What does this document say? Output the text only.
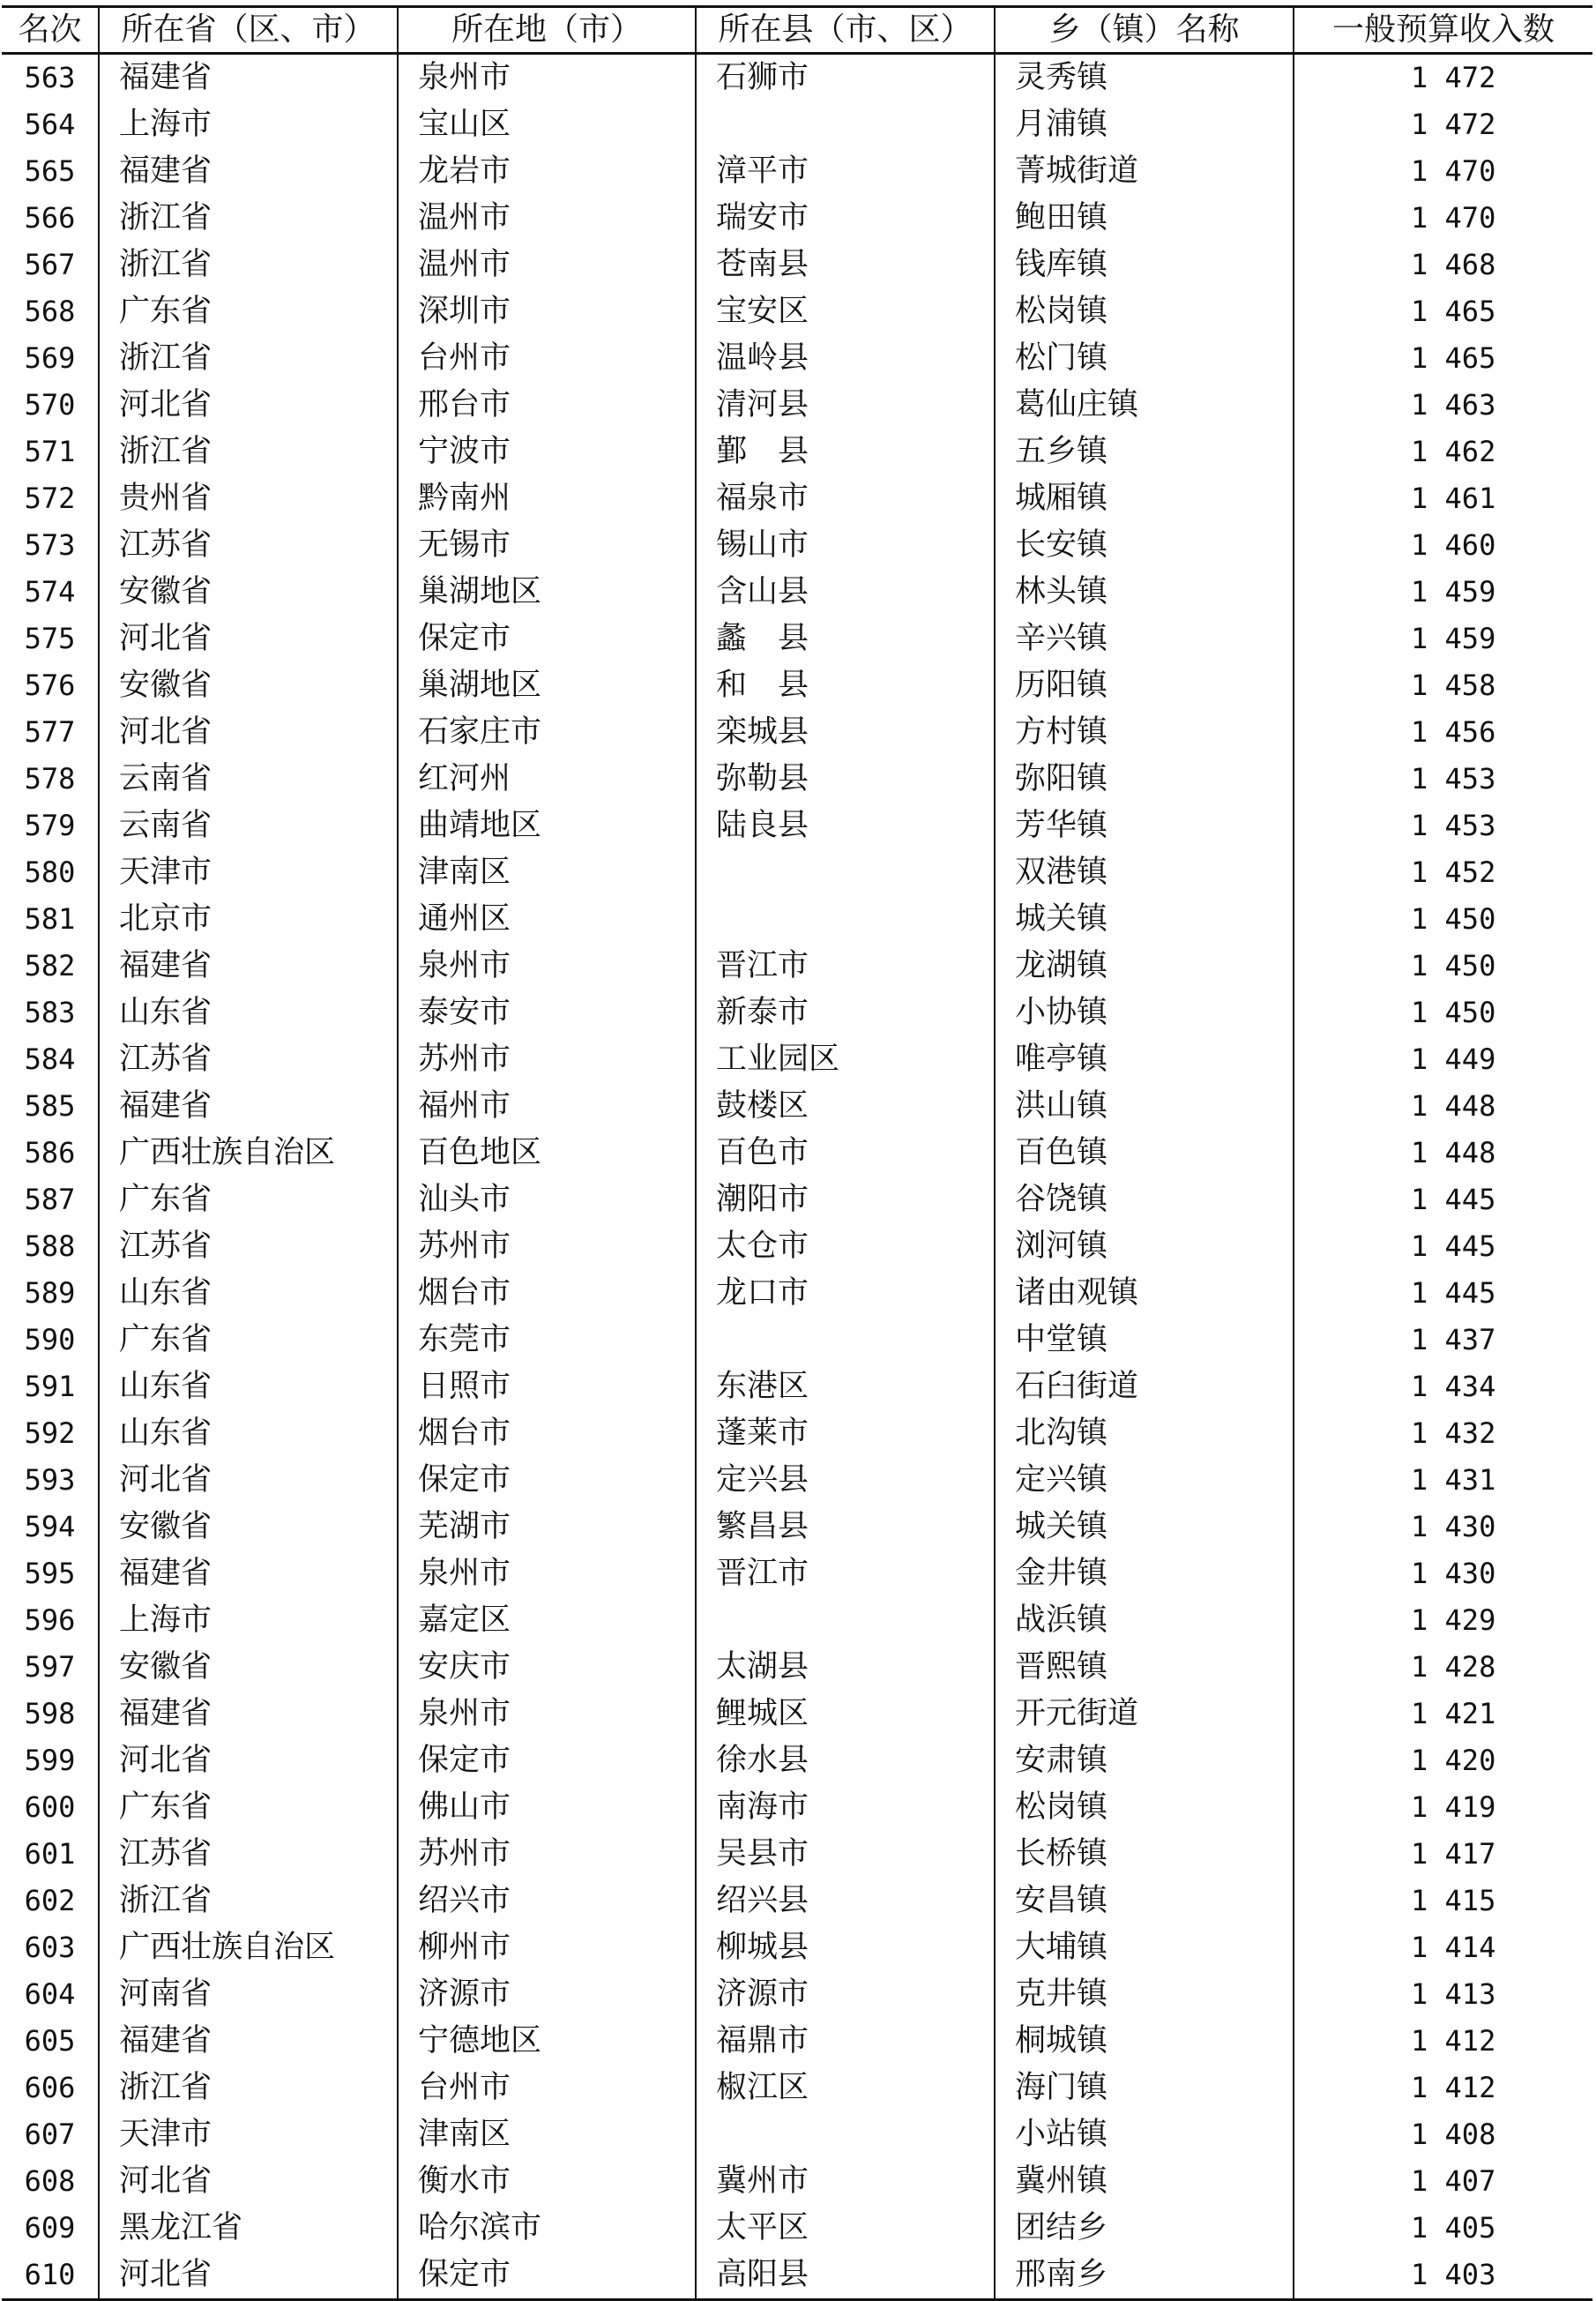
名次	所在省（区、市）	所在地（市）	所在县（市、区）	乡（镇）名称	一般预算收入数
563	福建省	泉州市	石狮市	灵秀镇	1 472
564	上海市	宝山区		月浦镇	1 472
565	福建省	龙岩市	漳平市	菁城街道	1 470
566	浙江省	温州市	瑞安市	鲍田镇	1 470
567	浙江省	温州市	苍南县	钱库镇	1 468
568	广东省	深圳市	宝安区	松岗镇	1 465
569	浙江省	台州市	温岭县	松门镇	1 465
570	河北省	邢台市	清河县	葛仙庄镇	1 463
571	浙江省	宁波市	鄞　县	五乡镇	1 462
572	贵州省	黔南州	福泉市	城厢镇	1 461
573	江苏省	无锡市	锡山市	长安镇	1 460
574	安徽省	巢湖地区	含山县	林头镇	1 459
575	河北省	保定市	蠡　县	辛兴镇	1 459
576	安徽省	巢湖地区	和　县	历阳镇	1 458
577	河北省	石家庄市	栾城县	方村镇	1 456
578	云南省	红河州	弥勒县	弥阳镇	1 453
579	云南省	曲靖地区	陆良县	芳华镇	1 453
580	天津市	津南区		双港镇	1 452
581	北京市	通州区		城关镇	1 450
582	福建省	泉州市	晋江市	龙湖镇	1 450
583	山东省	泰安市	新泰市	小协镇	1 450
584	江苏省	苏州市	工业园区	唯亭镇	1 449
585	福建省	福州市	鼓楼区	洪山镇	1 448
586	广西壮族自治区	百色地区	百色市	百色镇	1 448
587	广东省	汕头市	潮阳市	谷饶镇	1 445
588	江苏省	苏州市	太仓市	浏河镇	1 445
589	山东省	烟台市	龙口市	诸由观镇	1 445
590	广东省	东莞市		中堂镇	1 437
591	山东省	日照市	东港区	石臼街道	1 434
592	山东省	烟台市	蓬莱市	北沟镇	1 432
593	河北省	保定市	定兴县	定兴镇	1 431
594	安徽省	芜湖市	繁昌县	城关镇	1 430
595	福建省	泉州市	晋江市	金井镇	1 430
596	上海市	嘉定区		战浜镇	1 429
597	安徽省	安庆市	太湖县	晋熙镇	1 428
598	福建省	泉州市	鲤城区	开元街道	1 421
599	河北省	保定市	徐水县	安肃镇	1 420
600	广东省	佛山市	南海市	松岗镇	1 419
601	江苏省	苏州市	吴县市	长桥镇	1 417
602	浙江省	绍兴市	绍兴县	安昌镇	1 415
603	广西壮族自治区	柳州市	柳城县	大埔镇	1 414
604	河南省	济源市	济源市	克井镇	1 413
605	福建省	宁德地区	福鼎市	桐城镇	1 412
606	浙江省	台州市	椒江区	海门镇	1 412
607	天津市	津南区		小站镇	1 408
608	河北省	衡水市	冀州市	冀州镇	1 407
609	黑龙江省	哈尔滨市	太平区	团结乡	1 405
610	河北省	保定市	高阳县	邢南乡	1 403
